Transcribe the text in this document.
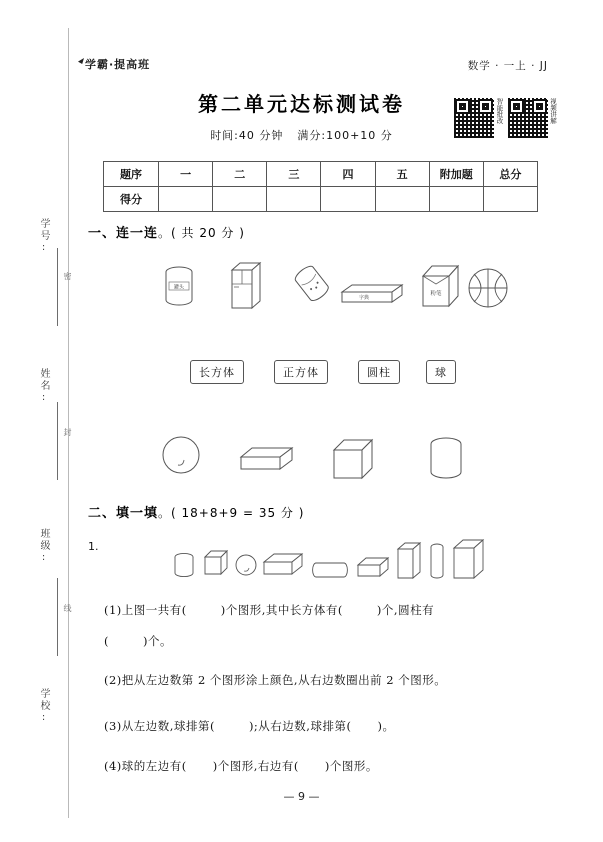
学号:
姓名:
班级:
学校:
密
封
线
学霸·提高班	数学 · 一上 · JJ
第二单元达标测试卷
时间:40 分钟 满分:100+10 分
智能批改	视频讲解
题序	一	二	三	四	五	附加题	总分
得分							
一、连一连。( 共 20 分 )
罐头
字典
粉笔
长方体	正方体	圆柱	球
二、填一填。( 18+8+9 = 35 分 )
1.
(1)上图一共有(	)个图形,其中长方体有(	)个,圆柱有
(	)个。
(2)把从左边数第 2 个图形涂上颜色,从右边数圈出前 2 个图形。
(3)从左边数,球排第(	);从右边数,球排第( )。
(4)球的左边有( )个图形,右边有( )个图形。
— 9 —
